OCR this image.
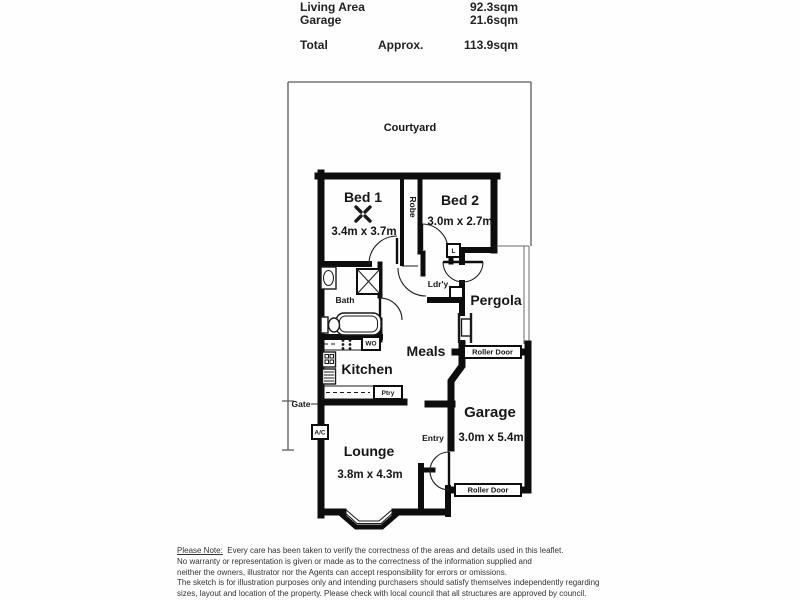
Living Area	92.3sqm
Garage	21.6sqm
Total	Approx.	113.9sqm
Courtyard
Bed 1
3.4m x 3.7m
Bed 2
3.0m x 2.7m
Robe
Bath
Ldr'y
L
Pergola
Meals
Kitchen
Ptry
Lounge
3.8m x 4.3m
Entry
Garage
3.0m x 5.4m
Gate
A/C
WO
Roller Door
Roller Door
Please Note: Every care has been taken to verify the correctness of the areas and details used in this leaflet.
No warranty or representation is given or made as to the correctness of the information supplied and
neither the owners, illustrator nor the Agents can accept responsibility for errors or omissions.
The sketch is for illustration purposes only and intending purchasers should satisfy themselves independently regarding
sizes, layout and location of the property. Please check with local council that all structures are approved by council.
